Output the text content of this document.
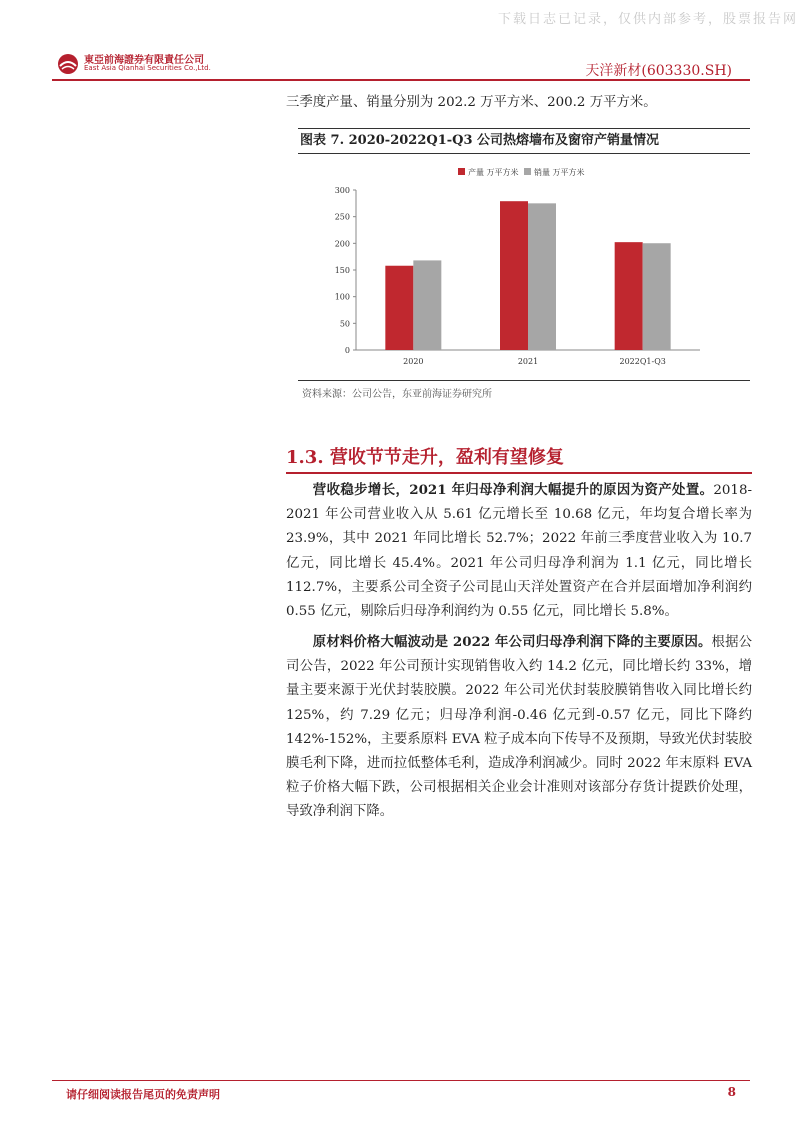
下载日志已记录，仅供内部参考，股票报告网
東亞前海證券有限責任公司
East Asia Qianhai Securities Co.,Ltd.	天洋新材(603330.SH)
三季度产量、销量分别为 202.2 万平方米、200.2 万平方米。
图表 7. 2020-2022Q1-Q3 公司热熔墙布及窗帘产销量情况
产量 万平方米 销量 万平方米
0
50
100
150
200
250
300
2020	2021	2022Q1-Q3
资料来源：公司公告，东亚前海证券研究所
1.3. 营收节节走升，盈利有望修复
营收稳步增长，2021 年归母净利润大幅提升的原因为资产处置。2018-2021 年公司营业收入从 5.61 亿元增长至 10.68 亿元，年均复合增长率为 23.9%，其中 2021 年同比增长 52.7%；2022 年前三季度营业收入为 10.7 亿元，同比增长 45.4%。2021 年公司归母净利润为 1.1 亿元，同比增长 112.7%，主要系公司全资子公司昆山天洋处置资产在合并层面增加净利润约 0.55 亿元，剔除后归母净利润约为 0.55 亿元，同比增长 5.8%。
原材料价格大幅波动是 2022 年公司归母净利润下降的主要原因。根据公司公告，2022 年公司预计实现销售收入约 14.2 亿元，同比增长约 33%，增量主要来源于光伏封装胶膜。2022 年公司光伏封装胶膜销售收入同比增长约 125%，约 7.29 亿元；归母净利润-0.46 亿元到-0.57 亿元，同比下降约 142%-152%，主要系原料 EVA 粒子成本向下传导不及预期，导致光伏封装胶膜毛利下降，进而拉低整体毛利，造成净利润减少。同时 2022 年末原料 EVA 粒子价格大幅下跌，公司根据相关企业会计准则对该部分存货计提跌价处理，导致净利润下降。
请仔细阅读报告尾页的免责声明	8
